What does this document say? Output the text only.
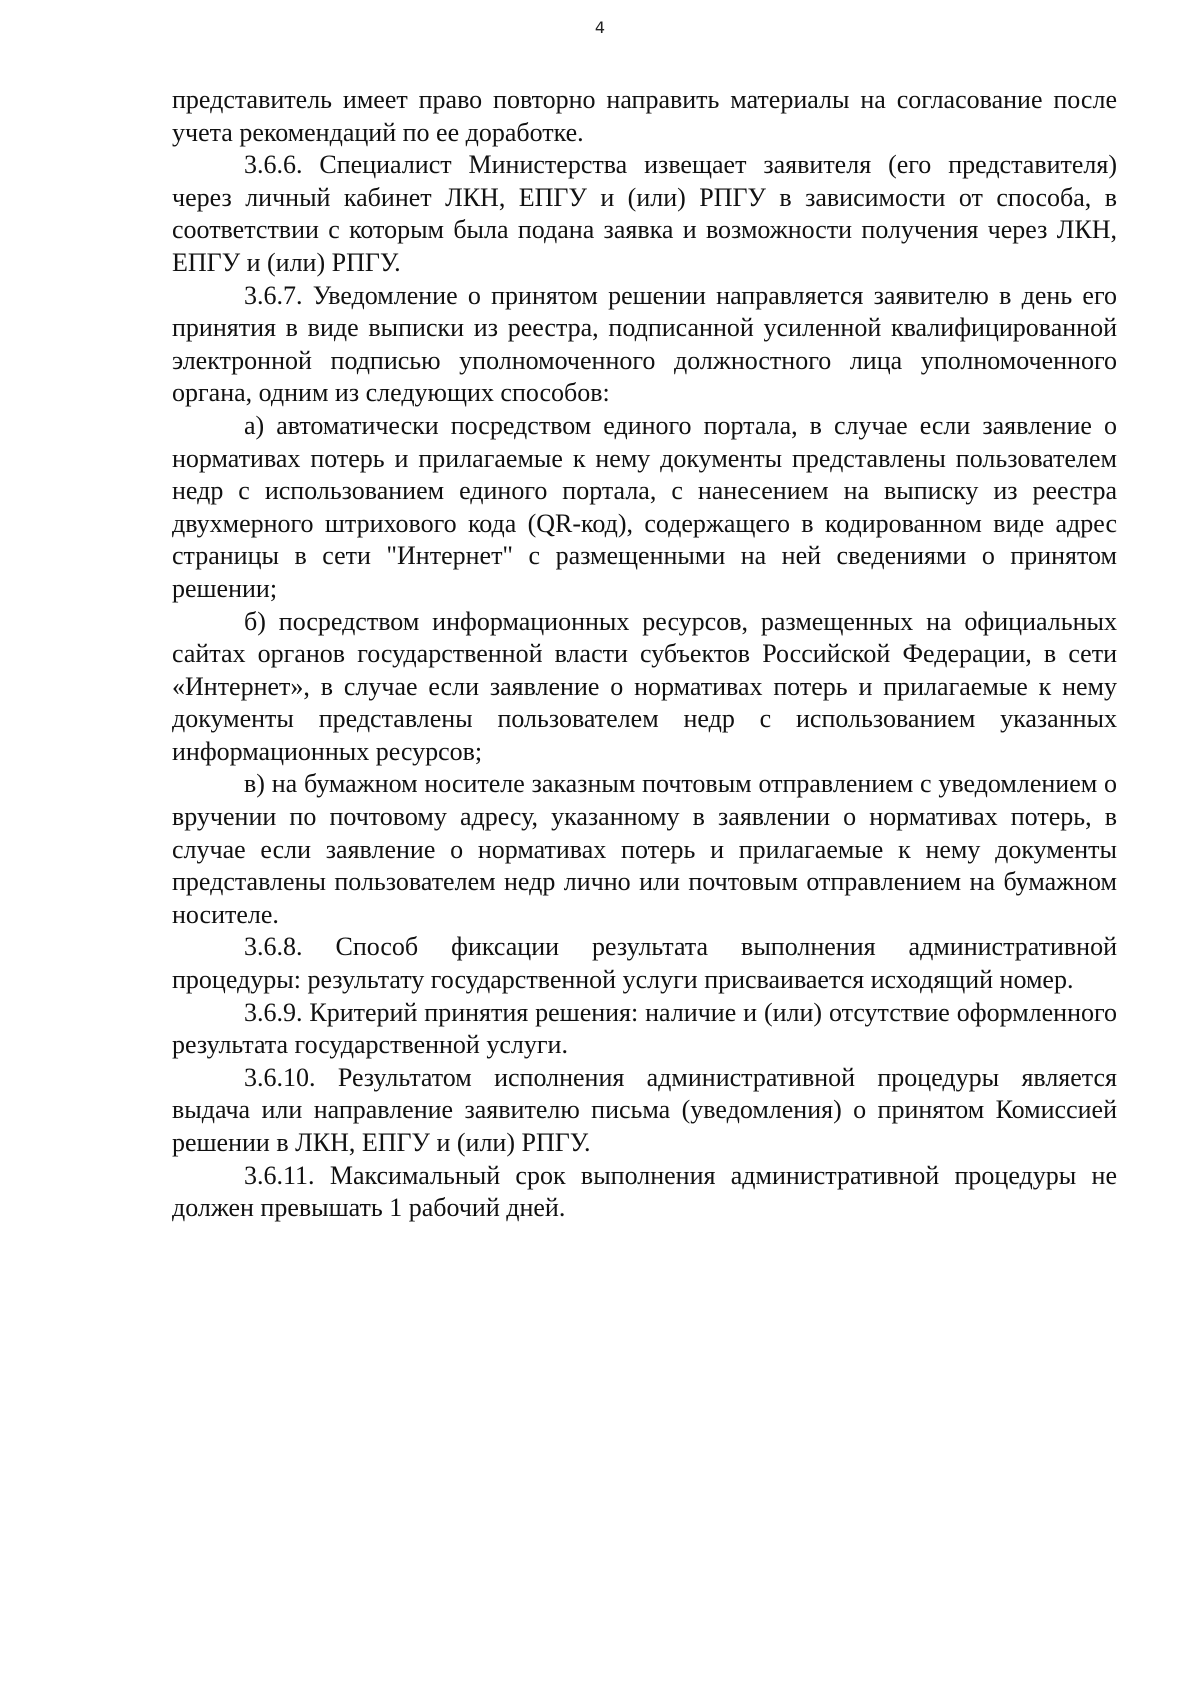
4

представитель имеет право повторно направить материалы на согласование после учета рекомендаций по ее доработке.

3.6.6. Специалист Министерства извещает заявителя (его представителя) через личный кабинет ЛКН, ЕПГУ и (или) РПГУ в зависимости от способа, в соответствии с которым была подана заявка и возможности получения через ЛКН, ЕПГУ и (или) РПГУ.

3.6.7. Уведомление о принятом решении направляется заявителю в день его принятия в виде выписки из реестра, подписанной усиленной квалифицированной электронной подписью уполномоченного должностного лица уполномоченного органа, одним из следующих способов:

а) автоматически посредством единого портала, в случае если заявление о нормативах потерь и прилагаемые к нему документы представлены пользователем недр с использованием единого портала, с нанесением на выписку из реестра двухмерного штрихового кода (QR-код), содержащего в кодированном виде адрес страницы в сети "Интернет" с размещенными на ней сведениями о принятом решении;

б) посредством информационных ресурсов, размещенных на официальных сайтах органов государственной власти субъектов Российской Федерации, в сети «Интернет», в случае если заявление о нормативах потерь и прилагаемые к нему документы представлены пользователем недр с использованием указанных информационных ресурсов;

в) на бумажном носителе заказным почтовым отправлением с уведомлением о вручении по почтовому адресу, указанному в заявлении о нормативах потерь, в случае если заявление о нормативах потерь и прилагаемые к нему документы представлены пользователем недр лично или почтовым отправлением на бумажном носителе.

3.6.8. Способ фиксации результата выполнения административной процедуры: результату государственной услуги присваивается исходящий номер.

3.6.9. Критерий принятия решения: наличие и (или) отсутствие оформленного результата государственной услуги.

3.6.10. Результатом исполнения административной процедуры является выдача или направление заявителю письма (уведомления) о принятом Комиссией решении в ЛКН, ЕПГУ и (или) РПГУ.

3.6.11. Максимальный срок выполнения административной процедуры не должен превышать 1 рабочий дней.
